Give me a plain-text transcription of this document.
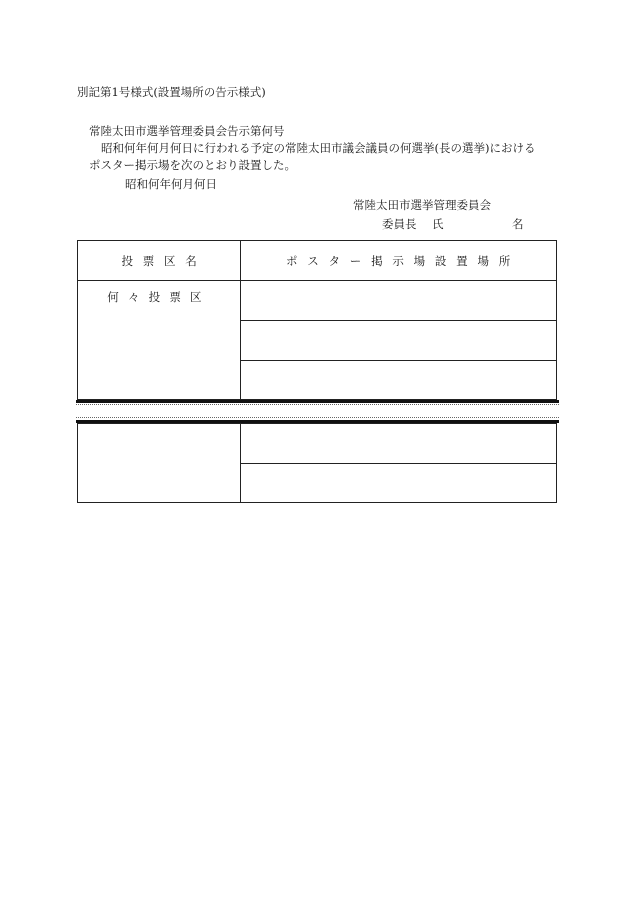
別記第1号様式(設置場所の告示様式)
常陸太田市選挙管理委員会告示第何号
昭和何年何月何日に行われる予定の常陸太田市議会議員の何選挙(長の選挙)における
ポスター掲示場を次のとおり設置した。
昭和何年何月何日
常陸太田市選挙管理委員会
委員長 氏	名
投票区名	ポスター掲示場設置場所
何々投票区
